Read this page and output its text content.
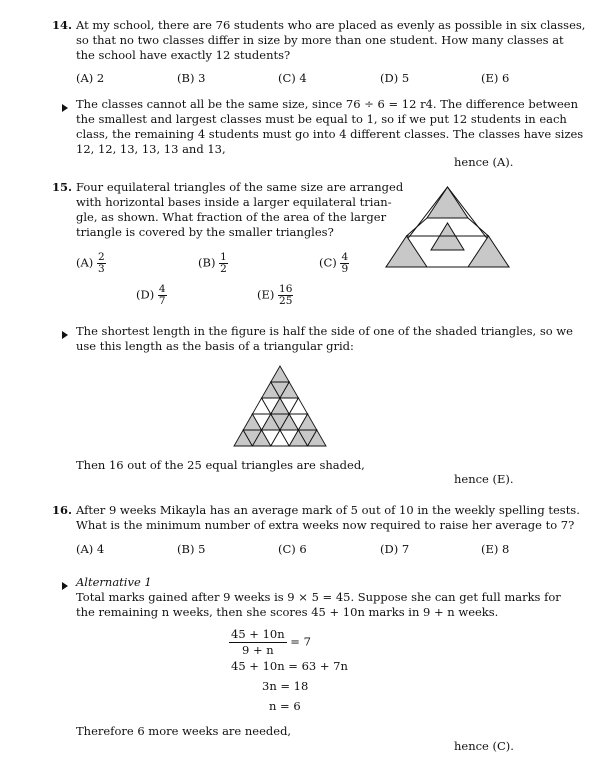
14. At my school, there are 76 students who are placed as evenly as possible in six classes,
so that no two classes differ in size by more than one student. How many classes at
the school have exactly 12 students?
(A) 2	(B) 3	(C) 4	(D) 5	(E) 6
The classes cannot all be the same size, since 76 ÷ 6 = 12 r4. The difference between
the smallest and largest classes must be equal to 1, so if we put 12 students in each
class, the remaining 4 students must go into 4 different classes. The classes have sizes
12, 12, 13, 13, 13 and 13,
hence (A).
15. Four equilateral triangles of the same size are arranged
with horizontal bases inside a larger equilateral trian-
gle, as shown. What fraction of the area of the larger
triangle is covered by the smaller triangles?
$(A) \frac{2}{3}$	$(B) \frac{1}{2}$	$(C) \frac{4}{9}$
$(D) \frac{4}{7}$	$(E) \frac{16}{25}$
The shortest length in the figure is half the side of one of the shaded triangles, so we
use this length as the basis of a triangular grid:
Then 16 out of the 25 equal triangles are shaded,
hence (E).
16. After 9 weeks Mikayla has an average mark of 5 out of 10 in the weekly spelling tests.
What is the minimum number of extra weeks now required to raise her average to 7?
(A) 4	(B) 5	(C) 6	(D) 7	(E) 8
Alternative 1
Total marks gained after 9 weeks is 9 × 5 = 45. Suppose she can get full marks for
the remaining n weeks, then she scores 45 + 10n marks in 9 + n weeks.
$\frac{45 + 10n}{9 + n} = 7$
45 + 10n = 63 + 7n
3n = 18
n = 6
Therefore 6 more weeks are needed,
hence (C).
